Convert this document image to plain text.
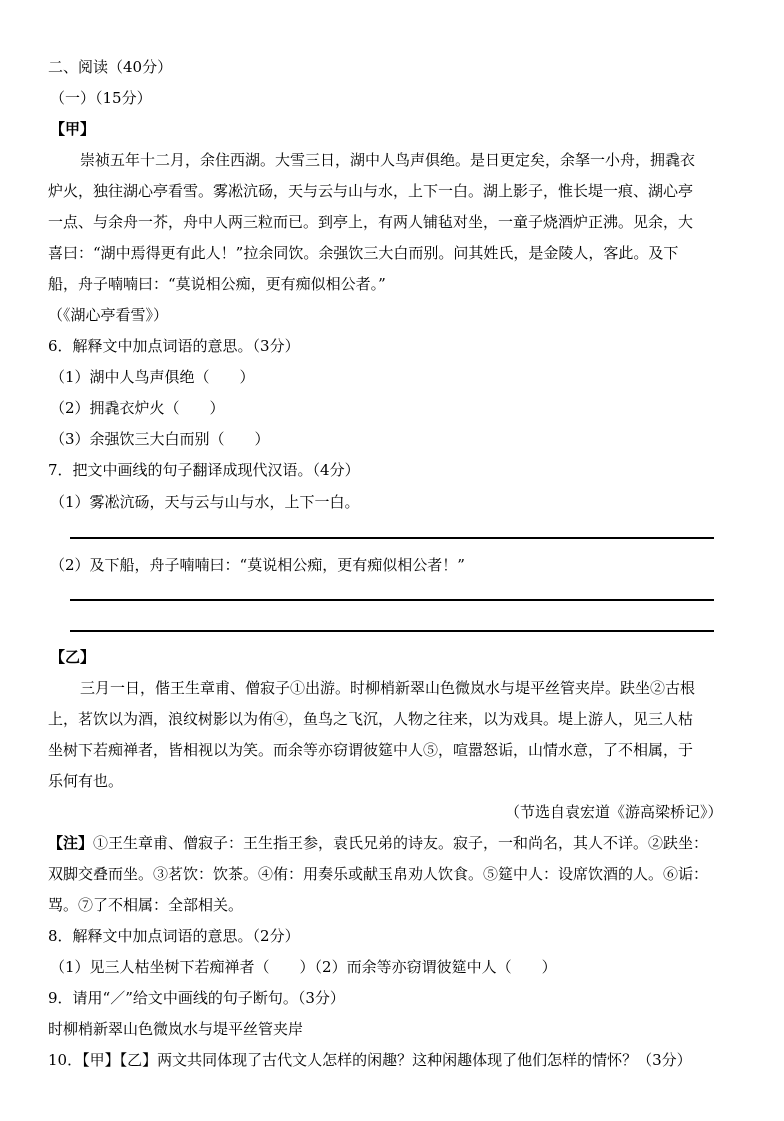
二、阅读（40分）
（一）（15分）
【甲】
崇祯五年十二月，余住西湖。大雪三日，湖中人鸟声俱绝。是日更定矣，余拏一小舟，拥毳衣
炉火，独往湖心亭看雪。雾凇沆砀，天与云与山与水，上下一白。湖上影子，惟长堤一痕、湖心亭
一点、与余舟一芥，舟中人两三粒而已。到亭上，有两人铺毡对坐，一童子烧酒炉正沸。见余，大
喜曰：“湖中焉得更有此人！”拉余同饮。余强饮三大白而别。问其姓氏，是金陵人，客此。及下
船，舟子喃喃曰：“莫说相公痴，更有痴似相公者。”
（《湖心亭看雪》）
6．解释文中加点词语的意思。（3分）
（1）湖中人鸟声俱绝（　　）
（2）拥毳衣炉火（　　）
（3）余强饮三大白而别（　　）
7．把文中画线的句子翻译成现代汉语。（4分）
（1）雾凇沆砀，天与云与山与水，上下一白。
（2）及下船，舟子喃喃曰：“莫说相公痴，更有痴似相公者！”
【乙】
三月一日，偕王生章甫、僧寂子①出游。时柳梢新翠山色微岚水与堤平丝管夹岸。趺坐②古根
上，茗饮以为酒，浪纹树影以为侑④，鱼鸟之飞沉，人物之往来，以为戏具。堤上游人，见三人枯
坐树下若痴禅者，皆相视以为笑。而余等亦窃谓彼筵中人⑤，喧嚣怒诟，山情水意，了不相属，于
乐何有也。
（节选自袁宏道《游高梁桥记》）
【注】①王生章甫、僧寂子：王生指王参，袁氏兄弟的诗友。寂子，一和尚名，其人不详。②趺坐：
双脚交叠而坐。③茗饮：饮茶。④侑：用奏乐或献玉帛劝人饮食。⑤筵中人：设席饮酒的人。⑥诟：
骂。⑦了不相属：全部相关。
8．解释文中加点词语的意思。（2分）
（1）见三人枯坐树下若痴禅者（　　）（2）而余等亦窃谓彼筵中人（　　）
9．请用“／”给文中画线的句子断句。（3分）
时柳梢新翠山色微岚水与堤平丝管夹岸
10．【甲】【乙】两文共同体现了古代文人怎样的闲趣？这种闲趣体现了他们怎样的情怀？（3分）
